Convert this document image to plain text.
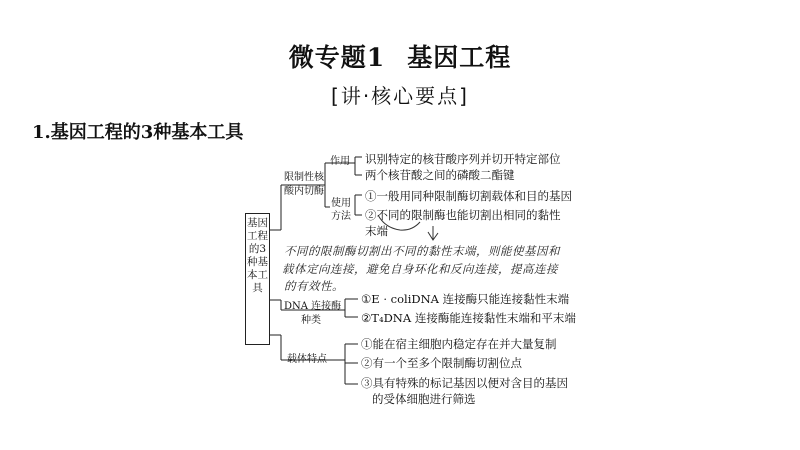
微专题1 基因工程
[讲·核心要点]
1.基因工程的3种基本工具
基因工程的3种基本工具
限制性核
酸内切酶
作用 识别特定的核苷酸序列并切开特定部位
两个核苷酸之间的磷酸二酯键
使用
方法
①一般用同种限制酶切割载体和目的基因
②不同的限制酶也能切割出相同的黏性
末端
不同的限制酶切割出不同的黏性末端，则能使基因和
载体定向连接，避免自身环化和反向连接，提高连接
的有效性。
DNA 连接酶
种类
①E · coliDNA 连接酶只能连接黏性末端
②T₄DNA 连接酶能连接黏性末端和平末端
载体特点
①能在宿主细胞内稳定存在并大量复制
②有一个至多个限制酶切割位点
③具有特殊的标记基因以便对含目的基因
的受体细胞进行筛选
